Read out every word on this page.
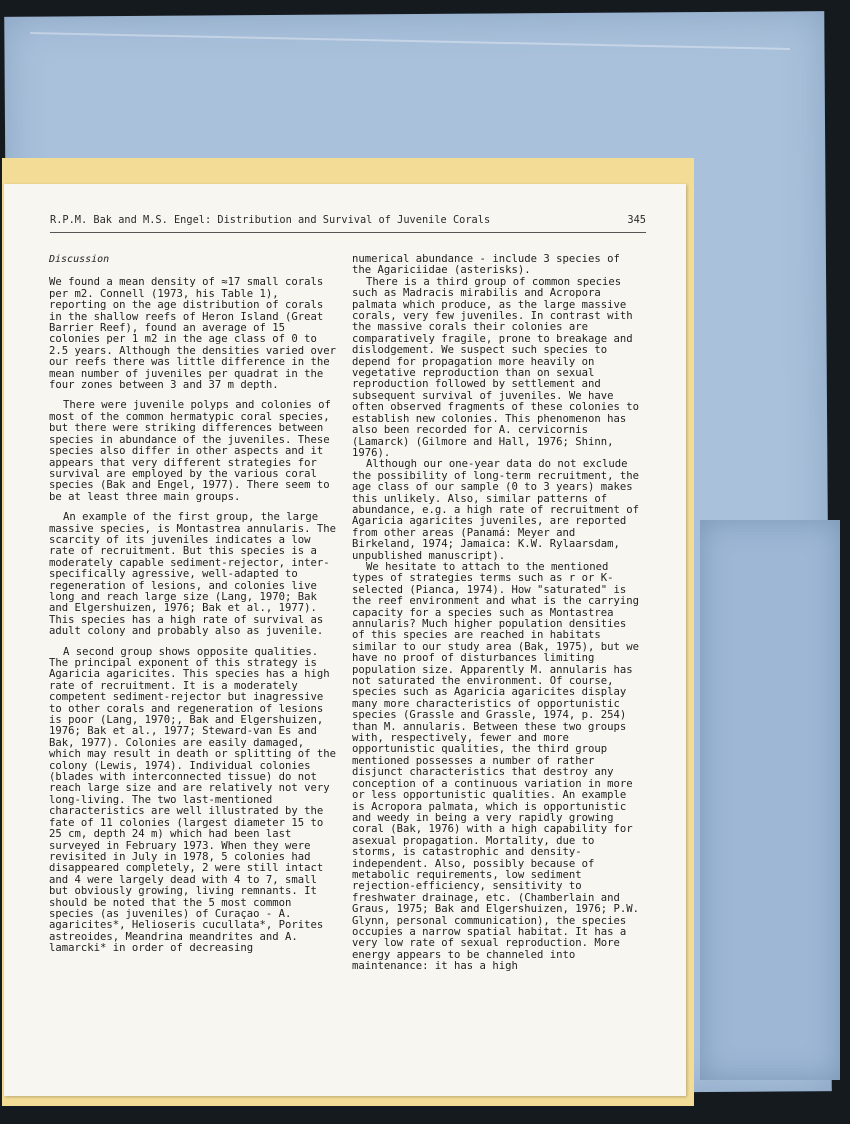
R.P.M. Bak and M.S. Engel: Distribution and Survival of Juvenile Corals	345

Discussion

We found a mean density of ≈17 small corals per m2. Connell (1973, his Table 1), reporting on the age distribution of corals in the shallow reefs of Heron Island (Great Barrier Reef), found an average of 15 colonies per 1 m2 in the age class of 0 to 2.5 years. Although the densities varied over our reefs there was little difference in the mean number of juveniles per quadrat in the four zones between 3 and 37 m depth.

There were juvenile polyps and colonies of most of the common hermatypic coral species, but there were striking differences between species in abundance of the juveniles. These species also differ in other aspects and it appears that very different strategies for survival are employed by the various coral species (Bak and Engel, 1977). There seem to be at least three main groups.

An example of the first group, the large massive species, is Montastrea annularis. The scarcity of its juveniles indicates a low rate of recruitment. But this species is a moderately capable sediment-rejector, inter-specifically agressive, well-adapted to regeneration of lesions, and colonies live long and reach large size (Lang, 1970; Bak and Elgershuizen, 1976; Bak et al., 1977). This species has a high rate of survival as adult colony and probably also as juvenile.

A second group shows opposite qualities. The principal exponent of this strategy is Agaricia agaricites. This species has a high rate of recruitment. It is a moderately competent sediment-rejector but inagressive to other corals and regeneration of lesions is poor (Lang, 1970;, Bak and Elgershuizen, 1976; Bak et al., 1977; Steward-van Es and Bak, 1977). Colonies are easily damaged, which may result in death or splitting of the colony (Lewis, 1974). Individual colonies (blades with interconnected tissue) do not reach large size and are relatively not very long-living. The two last-mentioned characteristics are well illustrated by the fate of 11 colonies (largest diameter 15 to 25 cm, depth 24 m) which had been last surveyed in February 1973. When they were revisited in July in 1978, 5 colonies had disappeared completely, 2 were still intact and 4 were largely dead with 4 to 7, small but obviously growing, living remnants. It should be noted that the 5 most common species (as juveniles) of Curaçao - A. agaricites*, Helioseris cucullata*, Porites astreoides, Meandrina meandrites and A. lamarcki* in order of decreasing

numerical abundance - include 3 species of the Agariciidae (asterisks).

There is a third group of common species such as Madracis mirabilis and Acropora palmata which produce, as the large massive corals, very few juveniles. In contrast with the massive corals their colonies are comparatively fragile, prone to breakage and dislodgement. We suspect such species to depend for propagation more heavily on vegetative reproduction than on sexual reproduction followed by settlement and subsequent survival of juveniles. We have often observed fragments of these colonies to establish new colonies. This phenomenon has also been recorded for A. cervicornis (Lamarck) (Gilmore and Hall, 1976; Shinn, 1976).

Although our one-year data do not exclude the possibility of long-term recruitment, the age class of our sample (0 to 3 years) makes this unlikely. Also, similar patterns of abundance, e.g. a high rate of recruitment of Agaricia agaricites juveniles, are reported from other areas (Panamá: Meyer and Birkeland, 1974; Jamaica: K.W. Rylaarsdam, unpublished manuscript).

We hesitate to attach to the mentioned types of strategies terms such as r or K-selected (Pianca, 1974). How "saturated" is the reef environment and what is the carrying capacity for a species such as Montastrea annularis? Much higher population densities of this species are reached in habitats similar to our study area (Bak, 1975), but we have no proof of disturbances limiting population size. Apparently M. annularis has not saturated the environment. Of course, species such as Agaricia agaricites display many more characteristics of opportunistic species (Grassle and Grassle, 1974, p. 254) than M. annularis. Between these two groups with, respectively, fewer and more opportunistic qualities, the third group mentioned possesses a number of rather disjunct characteristics that destroy any conception of a continuous variation in more or less opportunistic qualities. An example is Acropora palmata, which is opportunistic and weedy in being a very rapidly growing coral (Bak, 1976) with a high capability for asexual propagation. Mortality, due to storms, is catastrophic and density-independent. Also, possibly because of metabolic requirements, low sediment rejection-efficiency, sensitivity to freshwater drainage, etc. (Chamberlain and Graus, 1975; Bak and Elgershuizen, 1976; P.W. Glynn, personal communication), the species occupies a narrow spatial habitat. It has a very low rate of sexual reproduction. More energy appears to be channeled into maintenance: it has a high
